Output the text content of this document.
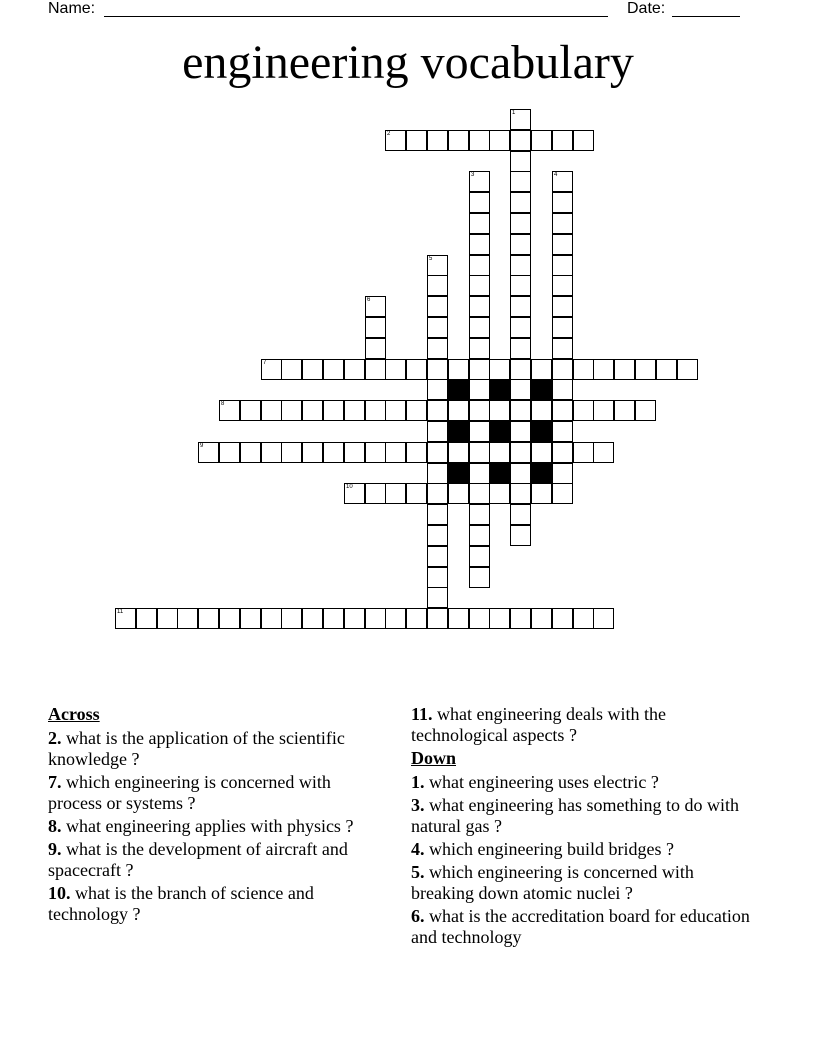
Name:	Date:
engineering vocabulary
1
2
3	4
5
6
7
8
9
10
11
Across
2. what is the application of the scientific knowledge ?
7. which engineering is concerned with process or systems ?
8. what engineering applies with physics ?
9. what is the development of aircraft and spacecraft ?
10. what is the branch of science and technology ?
11. what engineering deals with the technological aspects ?
Down
1. what engineering uses electric ?
3. what engineering has something to do with natural gas ?
4. which engineering build bridges ?
5. which engineering is concerned with breaking down atomic nuclei ?
6. what is the accreditation board for education and technology
